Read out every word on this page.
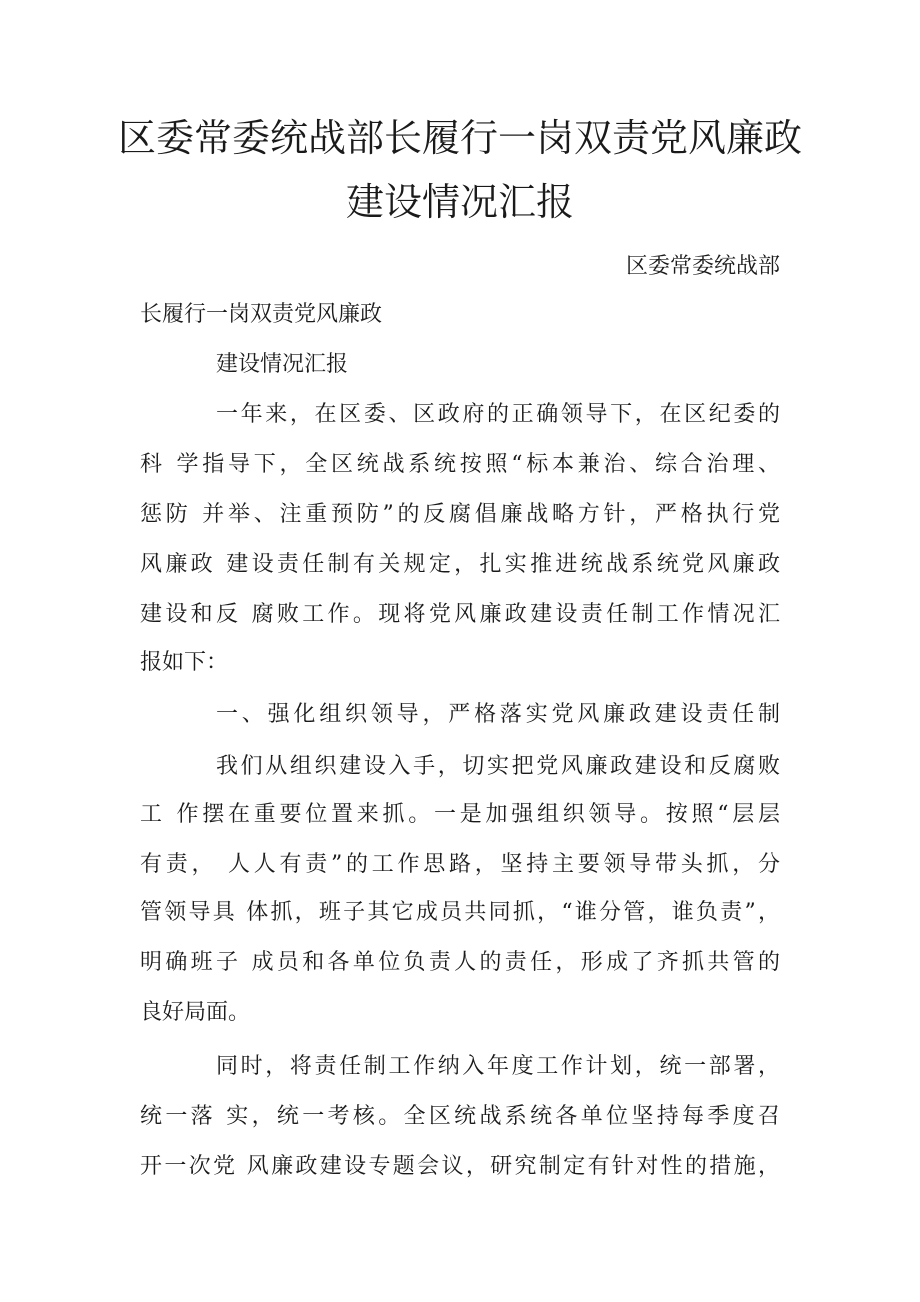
区委常委统战部长履行一岗双责党风廉政
建设情况汇报
区委常委统战部
长履行一岗双责党风廉政
建设情况汇报
一年来，在区委、区政府的正确领导下，在区纪委的
科 学指导下，全区统战系统按照“标本兼治、综合治理、
惩防 并举、注重预防”的反腐倡廉战略方针，严格执行党
风廉政 建设责任制有关规定，扎实推进统战系统党风廉政
建设和反 腐败工作。现将党风廉政建设责任制工作情况汇
报如下：
一、强化组织领导，严格落实党风廉政建设责任制
我们从组织建设入手，切实把党风廉政建设和反腐败
工 作摆在重要位置来抓。一是加强组织领导。按照“层层
有责， 人人有责”的工作思路，坚持主要领导带头抓，分
管领导具 体抓，班子其它成员共同抓，“谁分管，谁负责”，
明确班子 成员和各单位负责人的责任，形成了齐抓共管的
良好局面。
同时，将责任制工作纳入年度工作计划，统一部署，
统一落 实，统一考核。全区统战系统各单位坚持每季度召
开一次党 风廉政建设专题会议，研究制定有针对性的措施，
